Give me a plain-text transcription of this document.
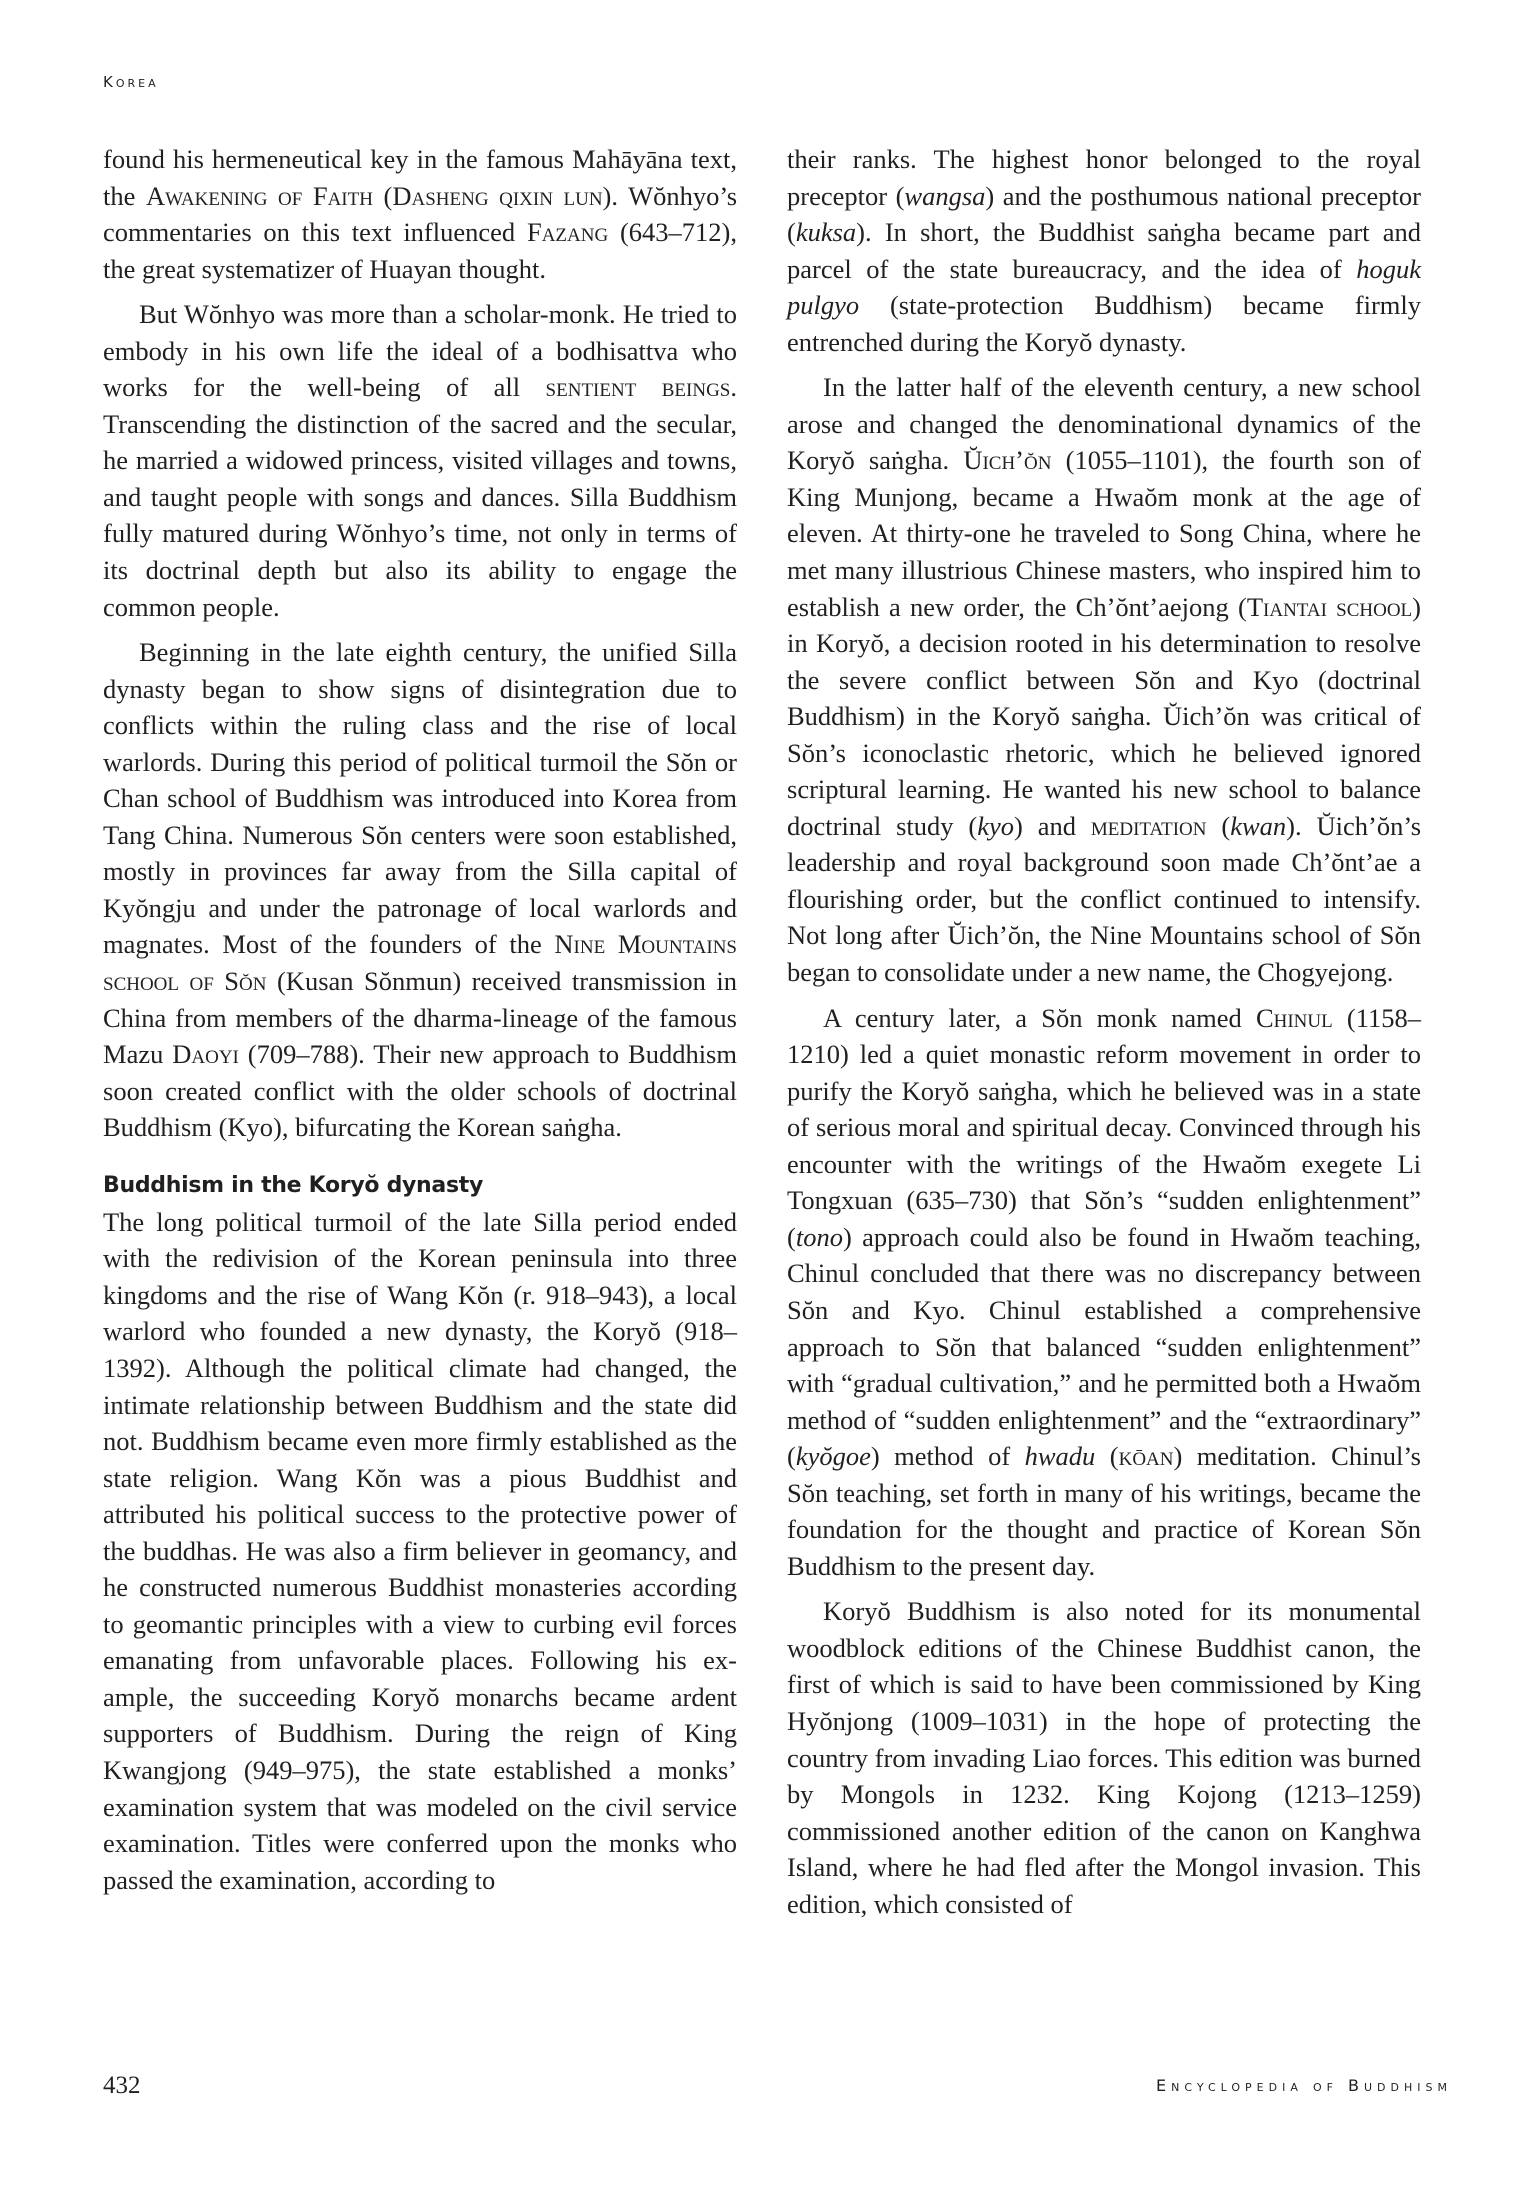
Korea

found his hermeneutical key in the famous Mahāyāna text, the Awakening of Faith (Dasheng qixin lun). Wŏnhyo’s commentaries on this text influenced Fazang (643–712), the great systematizer of Huayan thought.

But Wŏnhyo was more than a scholar-monk. He tried to embody in his own life the ideal of a bodhisattva who works for the well-being of all sentient beings. Transcending the distinction of the sacred and the secular, he married a widowed princess, visited villages and towns, and taught people with songs and dances. Silla Buddhism fully matured during Wŏnhyo’s time, not only in terms of its doctrinal depth but also its ability to engage the common people.

Beginning in the late eighth century, the unified Silla dynasty began to show signs of disintegration due to conflicts within the ruling class and the rise of local warlords. During this period of political turmoil the Sŏn or Chan school of Buddhism was introduced into Korea from Tang China. Numerous Sŏn centers were soon established, mostly in provinces far away from the Silla capital of Kyŏngju and under the patronage of local warlords and magnates. Most of the founders of the Nine Mountains school of Sŏn (Kusan Sŏnmun) received transmission in China from members of the dharma-lineage of the famous Mazu Daoyi (709–788). Their new approach to Buddhism soon created conflict with the older schools of doctrinal Buddhism (Kyo), bifurcating the Korean saṅgha.

Buddhism in the Koryŏ dynasty

The long political turmoil of the late Silla period ended with the redivision of the Korean peninsula into three kingdoms and the rise of Wang Kŏn (r. 918–943), a local warlord who founded a new dynasty, the Koryŏ (918–1392). Although the political climate had changed, the intimate relationship between Buddhism and the state did not. Buddhism became even more firmly established as the state religion. Wang Kŏn was a pious Buddhist and attributed his political success to the protective power of the buddhas. He was also a firm believer in geomancy, and he constructed numerous Buddhist monasteries according to geomantic principles with a view to curbing evil forces emanating from unfavorable places. Following his example, the succeeding Koryŏ monarchs became ardent supporters of Buddhism. During the reign of King Kwangjong (949–975), the state established a monks’ examination system that was modeled on the civil service examination. Titles were conferred upon the monks who passed the examination, according to

their ranks. The highest honor belonged to the royal preceptor (wangsa) and the posthumous national preceptor (kuksa). In short, the Buddhist saṅgha became part and parcel of the state bureaucracy, and the idea of hoguk pulgyo (state-protection Buddhism) became firmly entrenched during the Koryŏ dynasty.

In the latter half of the eleventh century, a new school arose and changed the denominational dynamics of the Koryŏ saṅgha. Ŭich’ŏn (1055–1101), the fourth son of King Munjong, became a Hwaŏm monk at the age of eleven. At thirty-one he traveled to Song China, where he met many illustrious Chinese masters, who inspired him to establish a new order, the Ch’ŏnt’aejong (Tiantai school) in Koryŏ, a decision rooted in his determination to resolve the severe conflict between Sŏn and Kyo (doctrinal Buddhism) in the Koryŏ saṅgha. Ŭich’ŏn was critical of Sŏn’s iconoclastic rhetoric, which he believed ignored scriptural learning. He wanted his new school to balance doctrinal study (kyo) and meditation (kwan). Ŭich’ŏn’s leadership and royal background soon made Ch’ŏnt’ae a flourishing order, but the conflict continued to intensify. Not long after Ŭich’ŏn, the Nine Mountains school of Sŏn began to consolidate under a new name, the Chogyejong.

A century later, a Sŏn monk named Chinul (1158–1210) led a quiet monastic reform movement in order to purify the Koryŏ saṅgha, which he believed was in a state of serious moral and spiritual decay. Convinced through his encounter with the writings of the Hwaŏm exegete Li Tongxuan (635–730) that Sŏn’s “sudden enlightenment” (tono) approach could also be found in Hwaŏm teaching, Chinul concluded that there was no discrepancy between Sŏn and Kyo. Chinul established a comprehensive approach to Sŏn that balanced “sudden enlightenment” with “gradual cultivation,” and he permitted both a Hwaŏm method of “sudden enlightenment” and the “extraordinary” (kyŏgoe) method of hwadu (kōan) meditation. Chinul’s Sŏn teaching, set forth in many of his writings, became the foundation for the thought and practice of Korean Sŏn Buddhism to the present day.

Koryŏ Buddhism is also noted for its monumental woodblock editions of the Chinese Buddhist canon, the first of which is said to have been commissioned by King Hyŏnjong (1009–1031) in the hope of protecting the country from invading Liao forces. This edition was burned by Mongols in 1232. King Kojong (1213–1259) commissioned another edition of the canon on Kanghwa Island, where he had fled after the Mongol invasion. This edition, which consisted of

432	Encyclopedia of Buddhism
